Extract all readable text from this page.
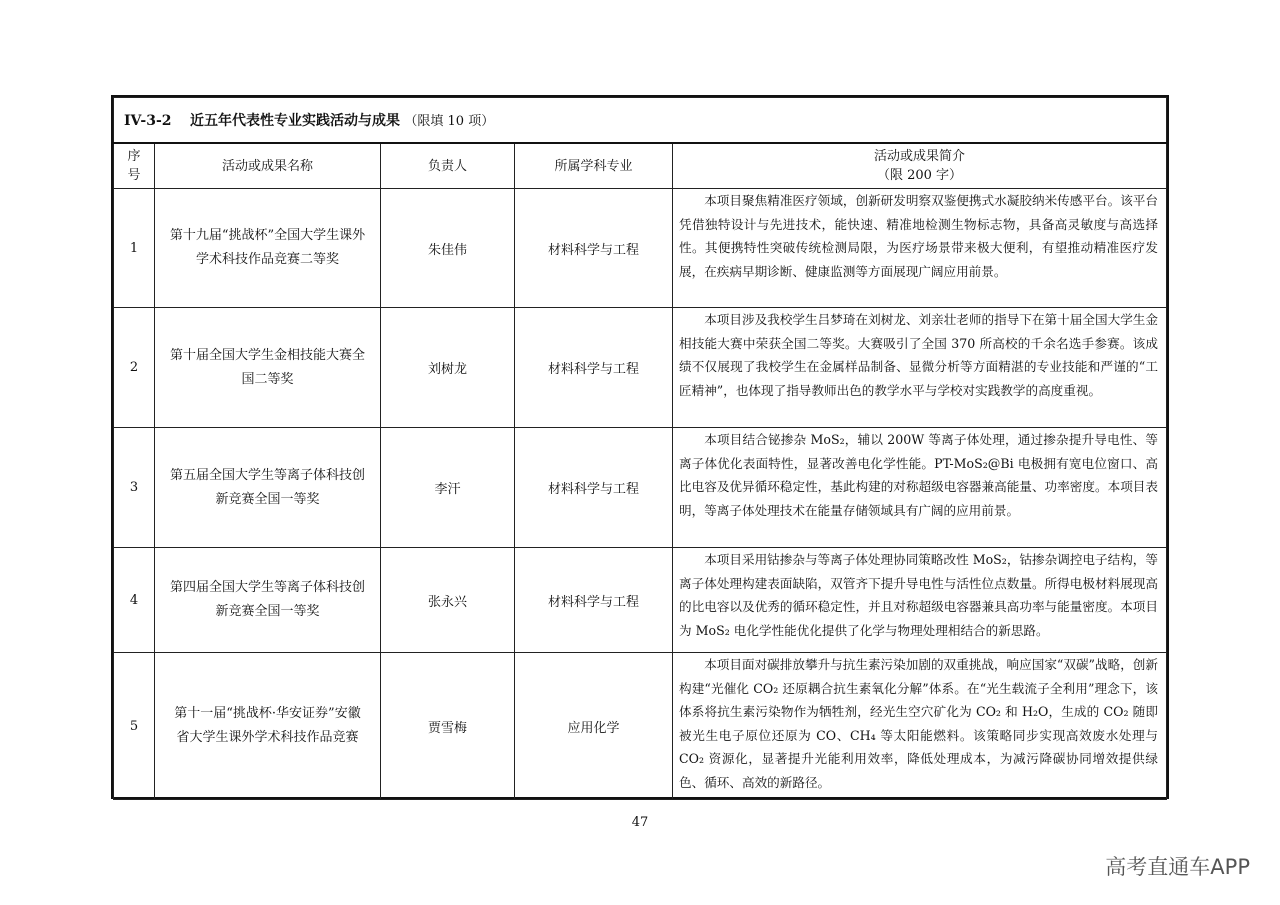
IV-3-2 近五年代表性专业实践活动与成果 （限填 10 项）				
序号	活动或成果名称	负责人	所属学科专业	活动或成果简介
（限 200 字）

1	第十九届“挑战杯”全国大学生课外学术科技作品竞赛二等奖	朱佳伟	材料科学与工程	本项目聚焦精准医疗领域，创新研发明察双鉴便携式水凝胶纳米传感平台。该平台凭借独特设计与先进技术，能快速、精准地检测生物标志物，具备高灵敏度与高选择性。其便携特性突破传统检测局限，为医疗场景带来极大便利，有望推动精准医疗发展，在疾病早期诊断、健康监测等方面展现广阔应用前景。
2	第十届全国大学生金相技能大赛全国二等奖	刘树龙	材料科学与工程	本项目涉及我校学生吕梦琦在刘树龙、刘亲壮老师的指导下在第十届全国大学生金相技能大赛中荣获全国二等奖。大赛吸引了全国 370 所高校的千余名选手参赛。该成绩不仅展现了我校学生在金属样品制备、显微分析等方面精湛的专业技能和严谨的“工匠精神”，也体现了指导教师出色的教学水平与学校对实践教学的高度重视。
3	第五届全国大学生等离子体科技创新竞赛全国一等奖	李汗	材料科学与工程	本项目结合铋掺杂 MoS₂，辅以 200W 等离子体处理，通过掺杂提升导电性、等离子体优化表面特性，显著改善电化学性能。PT-MoS₂@Bi 电极拥有宽电位窗口、高比电容及优异循环稳定性，基此构建的对称超级电容器兼高能量、功率密度。本项目表明，等离子体处理技术在能量存储领域具有广阔的应用前景。
4	第四届全国大学生等离子体科技创新竞赛全国一等奖	张永兴	材料科学与工程	本项目采用钴掺杂与等离子体处理协同策略改性 MoS₂，钴掺杂调控电子结构，等离子体处理构建表面缺陷，双管齐下提升导电性与活性位点数量。所得电极材料展现高的比电容以及优秀的循环稳定性，并且对称超级电容器兼具高功率与能量密度。本项目为 MoS₂ 电化学性能优化提供了化学与物理处理相结合的新思路。
5	第十一届“挑战杯·华安证券”安徽省大学生课外学术科技作品竞赛	贾雪梅	应用化学	本项目面对碳排放攀升与抗生素污染加剧的双重挑战，响应国家“双碳”战略，创新构建“光催化 CO₂ 还原耦合抗生素氧化分解”体系。在“光生载流子全利用”理念下，该体系将抗生素污染物作为牺牲剂，经光生空穴矿化为 CO₂ 和 H₂O，生成的 CO₂ 随即被光生电子原位还原为 CO、CH₄ 等太阳能燃料。该策略同步实现高效废水处理与 CO₂ 资源化，显著提升光能利用效率，降低处理成本，为减污降碳协同增效提供绿色、循环、高效的新路径。
47
高考直通车APP
